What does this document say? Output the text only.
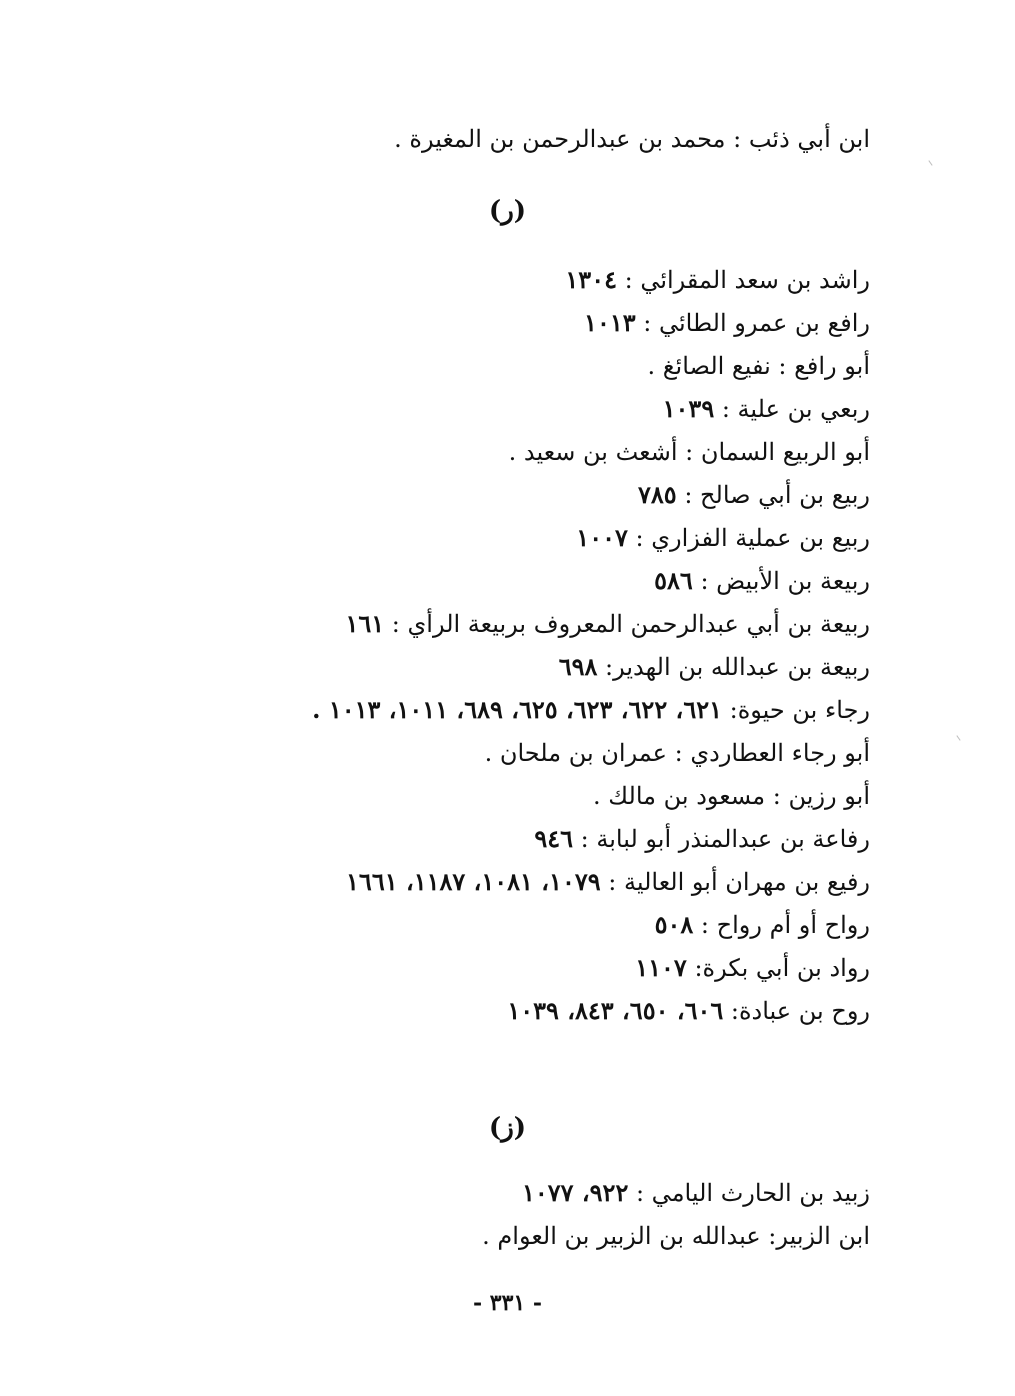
ابن أبي ذئب : محمد بن عبدالرحمن بن المغيرة .
(ر)
راشد بن سعد المقرائي : ١٣٠٤
رافع بن عمرو الطائي : ١٠١٣
أبو رافع : نفيع الصائغ .
ربعي بن علية : ١٠٣٩
أبو الربيع السمان : أشعث بن سعيد .
ربيع بن أبي صالح : ٧٨٥
ربيع بن عملية الفزاري : ١٠٠٧
ربيعة بن الأبيض : ٥٨٦
ربيعة بن أبي عبدالرحمن المعروف بربيعة الرأي : ١٦١
ربيعة بن عبدالله بن الهدير: ٦٩٨
رجاء بن حيوة: ٦٢١، ٦٢٢، ٦٢٣، ٦٢٥، ٦٨٩، ١٠١١، ١٠١٣ .
أبو رجاء العطاردي : عمران بن ملحان .
أبو رزين : مسعود بن مالك .
رفاعة بن عبدالمنذر أبو لبابة : ٩٤٦
رفيع بن مهران أبو العالية : ١٠٧٩، ١٠٨١، ١١٨٧، ١٦٦١
رواح أو أم رواح : ٥٠٨
رواد بن أبي بكرة: ١١٠٧
روح بن عبادة: ٦٠٦، ٦٥٠، ٨٤٣، ١٠٣٩
(ز)
زبيد بن الحارث اليامي : ٩٢٢، ١٠٧٧
ابن الزبير: عبدالله بن الزبير بن العوام .
- ٣٣١ -
